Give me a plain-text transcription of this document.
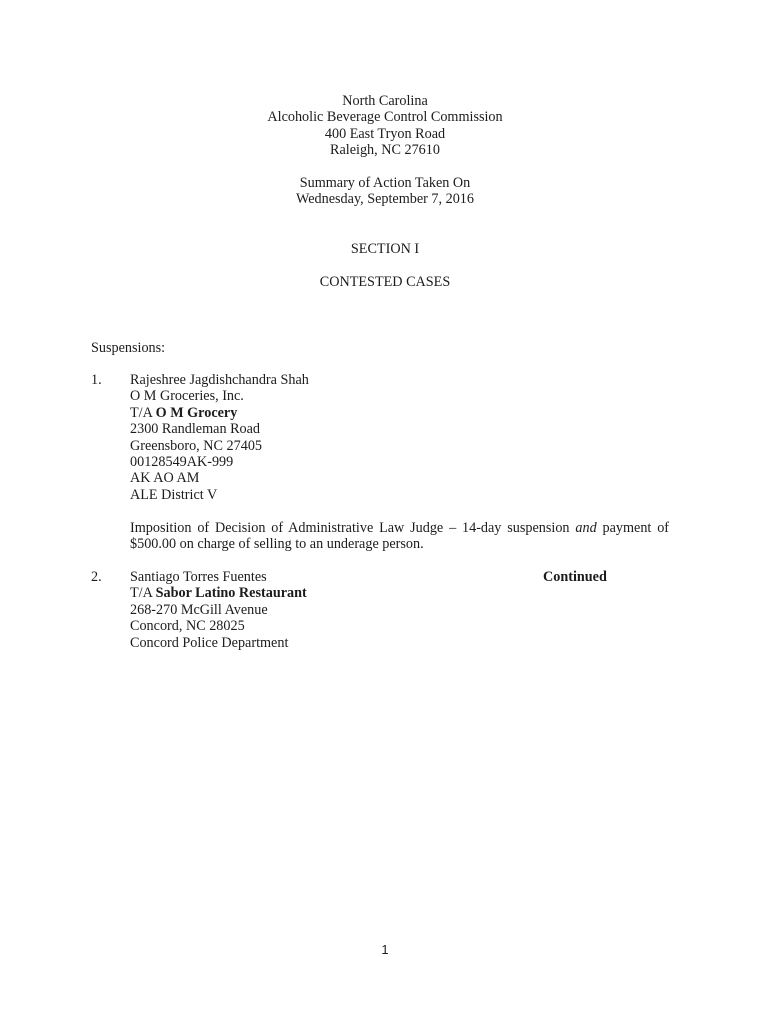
North Carolina
Alcoholic Beverage Control Commission
400 East Tryon Road
Raleigh, NC 27610
Summary of Action Taken On
Wednesday, September 7, 2016
SECTION I
CONTESTED CASES
Suspensions:
1. Rajeshree Jagdishchandra Shah
O M Groceries, Inc.
T/A O M Grocery
2300 Randleman Road
Greensboro, NC 27405
00128549AK-999
AK AO AM
ALE District V
Imposition of Decision of Administrative Law Judge – 14-day suspension and payment of $500.00 on charge of selling to an underage person.
2. Santiago Torres Fuentes
T/A Sabor Latino Restaurant
268-270 McGill Avenue
Concord, NC 28025
Concord Police Department
Continued
1
